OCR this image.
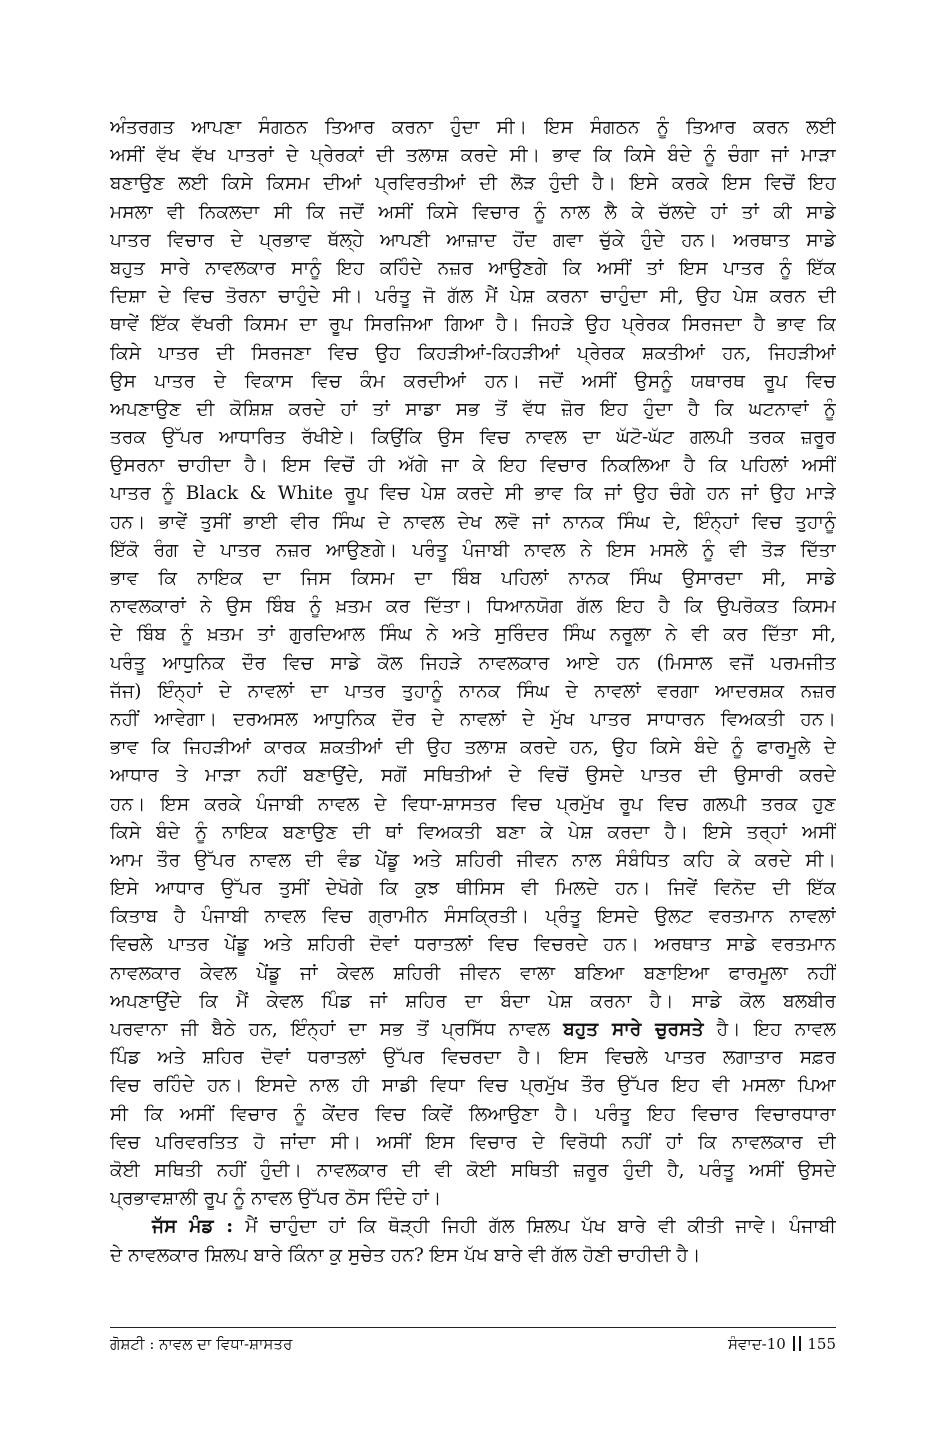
ਅੰਤਰਗਤ ਆਪਣਾ ਸੰਗਠਨ ਤਿਆਰ ਕਰਨਾ ਹੁੰਦਾ ਸੀ। ਇਸ ਸੰਗਠਨ ਨੂੰ ਤਿਆਰ ਕਰਨ ਲਈ
ਅਸੀਂ ਵੱਖ ਵੱਖ ਪਾਤਰਾਂ ਦੇ ਪ੍ਰੇਰਕਾਂ ਦੀ ਤਲਾਸ਼ ਕਰਦੇ ਸੀ। ਭਾਵ ਕਿ ਕਿਸੇ ਬੰਦੇ ਨੂੰ ਚੰਗਾ ਜਾਂ ਮਾੜਾ
ਬਣਾਉਣ ਲਈ ਕਿਸੇ ਕਿਸਮ ਦੀਆਂ ਪ੍ਰਵਿਰਤੀਆਂ ਦੀ ਲੋੜ ਹੁੰਦੀ ਹੈ। ਇਸੇ ਕਰਕੇ ਇਸ ਵਿਚੋਂ ਇਹ
ਮਸਲਾ ਵੀ ਨਿਕਲਦਾ ਸੀ ਕਿ ਜਦੋਂ ਅਸੀਂ ਕਿਸੇ ਵਿਚਾਰ ਨੂੰ ਨਾਲ ਲੈ ਕੇ ਚੱਲਦੇ ਹਾਂ ਤਾਂ ਕੀ ਸਾਡੇ
ਪਾਤਰ ਵਿਚਾਰ ਦੇ ਪ੍ਰਭਾਵ ਥੱਲ੍ਹੇ ਆਪਣੀ ਆਜ਼ਾਦ ਹੋਂਦ ਗਵਾ ਚੁੱਕੇ ਹੁੰਦੇ ਹਨ। ਅਰਥਾਤ ਸਾਡੇ
ਬਹੁਤ ਸਾਰੇ ਨਾਵਲਕਾਰ ਸਾਨੂੰ ਇਹ ਕਹਿੰਦੇ ਨਜ਼ਰ ਆਉਣਗੇ ਕਿ ਅਸੀਂ ਤਾਂ ਇਸ ਪਾਤਰ ਨੂੰ ਇੱਕ
ਦਿਸ਼ਾ ਦੇ ਵਿਚ ਤੋਰਨਾ ਚਾਹੁੰਦੇ ਸੀ। ਪਰੰਤੂ ਜੋ ਗੱਲ ਮੈਂ ਪੇਸ਼ ਕਰਨਾ ਚਾਹੁੰਦਾ ਸੀ, ਉਹ ਪੇਸ਼ ਕਰਨ ਦੀ
ਥਾਵੇਂ ਇੱਕ ਵੱਖਰੀ ਕਿਸਮ ਦਾ ਰੂਪ ਸਿਰਜਿਆ ਗਿਆ ਹੈ। ਜਿਹੜੇ ਉਹ ਪ੍ਰੇਰਕ ਸਿਰਜਦਾ ਹੈ ਭਾਵ ਕਿ
ਕਿਸੇ ਪਾਤਰ ਦੀ ਸਿਰਜਣਾ ਵਿਚ ਉਹ ਕਿਹੜੀਆਂ-ਕਿਹੜੀਆਂ ਪ੍ਰੇਰਕ ਸ਼ਕਤੀਆਂ ਹਨ, ਜਿਹੜੀਆਂ
ਉਸ ਪਾਤਰ ਦੇ ਵਿਕਾਸ ਵਿਚ ਕੰਮ ਕਰਦੀਆਂ ਹਨ। ਜਦੋਂ ਅਸੀਂ ਉਸਨੂੰ ਯਥਾਰਥ ਰੂਪ ਵਿਚ
ਅਪਣਾਉਣ ਦੀ ਕੋਸ਼ਿਸ਼ ਕਰਦੇ ਹਾਂ ਤਾਂ ਸਾਡਾ ਸਭ ਤੋਂ ਵੱਧ ਜ਼ੋਰ ਇਹ ਹੁੰਦਾ ਹੈ ਕਿ ਘਟਨਾਵਾਂ ਨੂੰ
ਤਰਕ ਉੱਪਰ ਆਧਾਰਿਤ ਰੱਖੀਏ। ਕਿਉਂਕਿ ਉਸ ਵਿਚ ਨਾਵਲ ਦਾ ਘੱਟੋ-ਘੱਟ ਗਲਪੀ ਤਰਕ ਜ਼ਰੂਰ
ਉਸਰਨਾ ਚਾਹੀਦਾ ਹੈ। ਇਸ ਵਿਚੋਂ ਹੀ ਅੱਗੇ ਜਾ ਕੇ ਇਹ ਵਿਚਾਰ ਨਿਕਲਿਆ ਹੈ ਕਿ ਪਹਿਲਾਂ ਅਸੀਂ
ਪਾਤਰ ਨੂੰ Black & White ਰੂਪ ਵਿਚ ਪੇਸ਼ ਕਰਦੇ ਸੀ ਭਾਵ ਕਿ ਜਾਂ ਉਹ ਚੰਗੇ ਹਨ ਜਾਂ ਉਹ ਮਾੜੇ
ਹਨ। ਭਾਵੇਂ ਤੁਸੀਂ ਭਾਈ ਵੀਰ ਸਿੰਘ ਦੇ ਨਾਵਲ ਦੇਖ ਲਵੋ ਜਾਂ ਨਾਨਕ ਸਿੰਘ ਦੇ, ਇੰਨ੍ਹਾਂ ਵਿਚ ਤੁਹਾਨੂੰ
ਇੱਕੋ ਰੰਗ ਦੇ ਪਾਤਰ ਨਜ਼ਰ ਆਉਣਗੇ। ਪਰੰਤੂ ਪੰਜਾਬੀ ਨਾਵਲ ਨੇ ਇਸ ਮਸਲੇ ਨੂੰ ਵੀ ਤੋੜ ਦਿੱਤਾ
ਭਾਵ ਕਿ ਨਾਇਕ ਦਾ ਜਿਸ ਕਿਸਮ ਦਾ ਬਿੰਬ ਪਹਿਲਾਂ ਨਾਨਕ ਸਿੰਘ ਉਸਾਰਦਾ ਸੀ, ਸਾਡੇ
ਨਾਵਲਕਾਰਾਂ ਨੇ ਉਸ ਬਿੰਬ ਨੂੰ ਖ਼ਤਮ ਕਰ ਦਿੱਤਾ। ਧਿਆਨਯੋਗ ਗੱਲ ਇਹ ਹੈ ਕਿ ਉਪਰੋਕਤ ਕਿਸਮ
ਦੇ ਬਿੰਬ ਨੂੰ ਖ਼ਤਮ ਤਾਂ ਗੁਰਦਿਆਲ ਸਿੰਘ ਨੇ ਅਤੇ ਸੁਰਿੰਦਰ ਸਿੰਘ ਨਰੂਲਾ ਨੇ ਵੀ ਕਰ ਦਿੱਤਾ ਸੀ,
ਪਰੰਤੂ ਆਧੁਨਿਕ ਦੌਰ ਵਿਚ ਸਾਡੇ ਕੋਲ ਜਿਹੜੇ ਨਾਵਲਕਾਰ ਆਏ ਹਨ (ਮਿਸਾਲ ਵਜੋਂ ਪਰਮਜੀਤ
ਜੱਜ) ਇੰਨ੍ਹਾਂ ਦੇ ਨਾਵਲਾਂ ਦਾ ਪਾਤਰ ਤੁਹਾਨੂੰ ਨਾਨਕ ਸਿੰਘ ਦੇ ਨਾਵਲਾਂ ਵਰਗਾ ਆਦਰਸ਼ਕ ਨਜ਼ਰ
ਨਹੀਂ ਆਵੇਗਾ। ਦਰਅਸਲ ਆਧੁਨਿਕ ਦੌਰ ਦੇ ਨਾਵਲਾਂ ਦੇ ਮੁੱਖ ਪਾਤਰ ਸਾਧਾਰਨ ਵਿਅਕਤੀ ਹਨ।
ਭਾਵ ਕਿ ਜਿਹੜੀਆਂ ਕਾਰਕ ਸ਼ਕਤੀਆਂ ਦੀ ਉਹ ਤਲਾਸ਼ ਕਰਦੇ ਹਨ, ਉਹ ਕਿਸੇ ਬੰਦੇ ਨੂੰ ਫਾਰਮੂਲੇ ਦੇ
ਆਧਾਰ ਤੇ ਮਾੜਾ ਨਹੀਂ ਬਣਾਉਂਦੇ, ਸਗੋਂ ਸਥਿਤੀਆਂ ਦੇ ਵਿਚੋਂ ਉਸਦੇ ਪਾਤਰ ਦੀ ਉਸਾਰੀ ਕਰਦੇ
ਹਨ। ਇਸ ਕਰਕੇ ਪੰਜਾਬੀ ਨਾਵਲ ਦੇ ਵਿਧਾ-ਸ਼ਾਸਤਰ ਵਿਚ ਪ੍ਰਮੁੱਖ ਰੂਪ ਵਿਚ ਗਲਪੀ ਤਰਕ ਹੁਣ
ਕਿਸੇ ਬੰਦੇ ਨੂੰ ਨਾਇਕ ਬਣਾਉਣ ਦੀ ਥਾਂ ਵਿਅਕਤੀ ਬਣਾ ਕੇ ਪੇਸ਼ ਕਰਦਾ ਹੈ। ਇਸੇ ਤਰ੍ਹਾਂ ਅਸੀਂ
ਆਮ ਤੌਰ ਉੱਪਰ ਨਾਵਲ ਦੀ ਵੰਡ ਪੇਂਡੂ ਅਤੇ ਸ਼ਹਿਰੀ ਜੀਵਨ ਨਾਲ ਸੰਬੰਧਿਤ ਕਹਿ ਕੇ ਕਰਦੇ ਸੀ।
ਇਸੇ ਆਧਾਰ ਉੱਪਰ ਤੁਸੀਂ ਦੇਖੋਗੇ ਕਿ ਕੁਝ ਥੀਸਿਸ ਵੀ ਮਿਲਦੇ ਹਨ। ਜਿਵੇਂ ਵਿਨੋਦ ਦੀ ਇੱਕ
ਕਿਤਾਬ ਹੈ ਪੰਜਾਬੀ ਨਾਵਲ ਵਿਚ ਗ੍ਰਾਮੀਨ ਸੰਸਕ੍ਰਿਤੀ। ਪ੍ਰੰਤੂ ਇਸਦੇ ਉਲਟ ਵਰਤਮਾਨ ਨਾਵਲਾਂ
ਵਿਚਲੇ ਪਾਤਰ ਪੇਂਡੂ ਅਤੇ ਸ਼ਹਿਰੀ ਦੋਵਾਂ ਧਰਾਤਲਾਂ ਵਿਚ ਵਿਚਰਦੇ ਹਨ। ਅਰਥਾਤ ਸਾਡੇ ਵਰਤਮਾਨ
ਨਾਵਲਕਾਰ ਕੇਵਲ ਪੇਂਡੂ ਜਾਂ ਕੇਵਲ ਸ਼ਹਿਰੀ ਜੀਵਨ ਵਾਲਾ ਬਣਿਆ ਬਣਾਇਆ ਫਾਰਮੂਲਾ ਨਹੀਂ
ਅਪਣਾਉਂਦੇ ਕਿ ਮੈਂ ਕੇਵਲ ਪਿੰਡ ਜਾਂ ਸ਼ਹਿਰ ਦਾ ਬੰਦਾ ਪੇਸ਼ ਕਰਨਾ ਹੈ। ਸਾਡੇ ਕੋਲ ਬਲਬੀਰ
ਪਰਵਾਨਾ ਜੀ ਬੈਠੇ ਹਨ, ਇੰਨ੍ਹਾਂ ਦਾ ਸਭ ਤੋਂ ਪ੍ਰਸਿੱਧ ਨਾਵਲ ਬਹੁਤ ਸਾਰੇ ਚੁਰਸਤੇ ਹੈ। ਇਹ ਨਾਵਲ
ਪਿੰਡ ਅਤੇ ਸ਼ਹਿਰ ਦੋਵਾਂ ਧਰਾਤਲਾਂ ਉੱਪਰ ਵਿਚਰਦਾ ਹੈ। ਇਸ ਵਿਚਲੇ ਪਾਤਰ ਲਗਾਤਾਰ ਸਫ਼ਰ
ਵਿਚ ਰਹਿੰਦੇ ਹਨ। ਇਸਦੇ ਨਾਲ ਹੀ ਸਾਡੀ ਵਿਧਾ ਵਿਚ ਪ੍ਰਮੁੱਖ ਤੌਰ ਉੱਪਰ ਇਹ ਵੀ ਮਸਲਾ ਪਿਆ
ਸੀ ਕਿ ਅਸੀਂ ਵਿਚਾਰ ਨੂੰ ਕੇਂਦਰ ਵਿਚ ਕਿਵੇਂ ਲਿਆਉਣਾ ਹੈ। ਪਰੰਤੂ ਇਹ ਵਿਚਾਰ ਵਿਚਾਰਧਾਰਾ
ਵਿਚ ਪਰਿਵਰਤਿਤ ਹੋ ਜਾਂਦਾ ਸੀ। ਅਸੀਂ ਇਸ ਵਿਚਾਰ ਦੇ ਵਿਰੋਧੀ ਨਹੀਂ ਹਾਂ ਕਿ ਨਾਵਲਕਾਰ ਦੀ
ਕੋਈ ਸਥਿਤੀ ਨਹੀਂ ਹੁੰਦੀ। ਨਾਵਲਕਾਰ ਦੀ ਵੀ ਕੋਈ ਸਥਿਤੀ ਜ਼ਰੂਰ ਹੁੰਦੀ ਹੈ, ਪਰੰਤੂ ਅਸੀਂ ਉਸਦੇ
ਪ੍ਰਭਾਵਸ਼ਾਲੀ ਰੂਪ ਨੂੰ ਨਾਵਲ ਉੱਪਰ ਠੋਸ ਦਿੰਦੇ ਹਾਂ।
ਜੱਸ ਮੰਡ : ਮੈਂ ਚਾਹੁੰਦਾ ਹਾਂ ਕਿ ਥੋੜ੍ਹੀ ਜਿਹੀ ਗੱਲ ਸ਼ਿਲਪ ਪੱਖ ਬਾਰੇ ਵੀ ਕੀਤੀ ਜਾਵੇ। ਪੰਜਾਬੀ
ਦੇ ਨਾਵਲਕਾਰ ਸ਼ਿਲਪ ਬਾਰੇ ਕਿੰਨਾ ਕੁ ਸੁਚੇਤ ਹਨ? ਇਸ ਪੱਖ ਬਾਰੇ ਵੀ ਗੱਲ ਹੋਣੀ ਚਾਹੀਦੀ ਹੈ।
ਗੋਸ਼ਟੀ : ਨਾਵਲ ਦਾ ਵਿਧਾ-ਸ਼ਾਸਤਰ	ਸੰਵਾਦ-10 155
